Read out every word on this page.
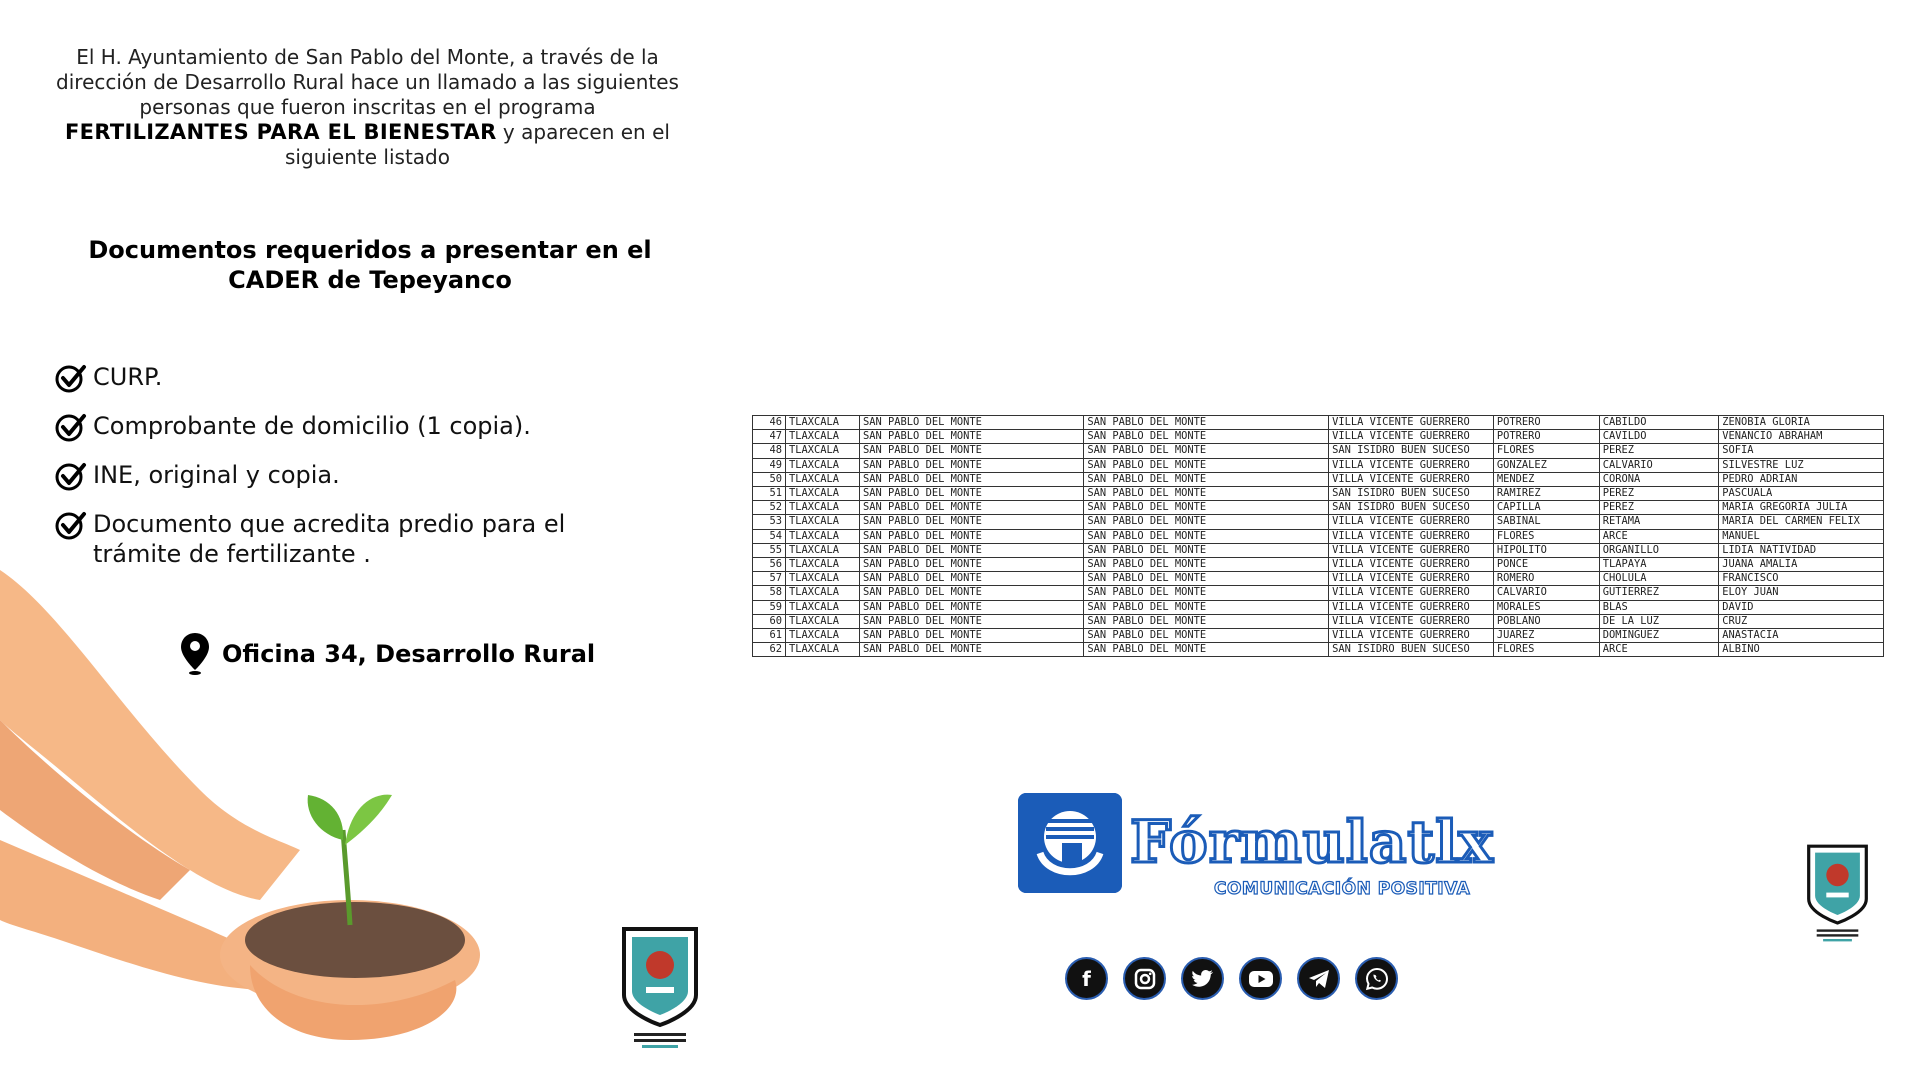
El H. Ayuntamiento de San Pablo del Monte, a través de la
dirección de Desarrollo Rural hace un llamado a las siguientes
personas que fueron inscritas en el programa
FERTILIZANTES PARA EL BIENESTAR y aparecen en el
siguiente listado
Documentos requeridos a presentar en el
CADER de Tepeyanco
CURP.
Comprobante de domicilio (1 copia).
INE, original y copia.
Documento que acredita predio para el trámite de fertilizante .
Oficina 34, Desarrollo Rural
46	TLAXCALA	SAN PABLO DEL MONTE	SAN PABLO DEL MONTE	VILLA VICENTE GUERRERO	POTRERO	CABILDO	ZENOBIA GLORIA
47	TLAXCALA	SAN PABLO DEL MONTE	SAN PABLO DEL MONTE	VILLA VICENTE GUERRERO	POTRERO	CAVILDO	VENANCIO ABRAHAM
48	TLAXCALA	SAN PABLO DEL MONTE	SAN PABLO DEL MONTE	SAN ISIDRO BUEN SUCESO	FLORES	PEREZ	SOFIA
49	TLAXCALA	SAN PABLO DEL MONTE	SAN PABLO DEL MONTE	VILLA VICENTE GUERRERO	GONZALEZ	CALVARIO	SILVESTRE LUZ
50	TLAXCALA	SAN PABLO DEL MONTE	SAN PABLO DEL MONTE	VILLA VICENTE GUERRERO	MENDEZ	CORONA	PEDRO ADRIAN
51	TLAXCALA	SAN PABLO DEL MONTE	SAN PABLO DEL MONTE	SAN ISIDRO BUEN SUCESO	RAMIREZ	PEREZ	PASCUALA
52	TLAXCALA	SAN PABLO DEL MONTE	SAN PABLO DEL MONTE	SAN ISIDRO BUEN SUCESO	CAPILLA	PEREZ	MARIA GREGORIA JULIA
53	TLAXCALA	SAN PABLO DEL MONTE	SAN PABLO DEL MONTE	VILLA VICENTE GUERRERO	SABINAL	RETAMA	MARIA DEL CARMEN FELIX
54	TLAXCALA	SAN PABLO DEL MONTE	SAN PABLO DEL MONTE	VILLA VICENTE GUERRERO	FLORES	ARCE	MANUEL
55	TLAXCALA	SAN PABLO DEL MONTE	SAN PABLO DEL MONTE	VILLA VICENTE GUERRERO	HIPOLITO	ORGANILLO	LIDIA NATIVIDAD
56	TLAXCALA	SAN PABLO DEL MONTE	SAN PABLO DEL MONTE	VILLA VICENTE GUERRERO	PONCE	TLAPAYA	JUANA AMALIA
57	TLAXCALA	SAN PABLO DEL MONTE	SAN PABLO DEL MONTE	VILLA VICENTE GUERRERO	ROMERO	CHOLULA	FRANCISCO
58	TLAXCALA	SAN PABLO DEL MONTE	SAN PABLO DEL MONTE	VILLA VICENTE GUERRERO	CALVARIO	GUTIERREZ	ELOY JUAN
59	TLAXCALA	SAN PABLO DEL MONTE	SAN PABLO DEL MONTE	VILLA VICENTE GUERRERO	MORALES	BLAS	DAVID
60	TLAXCALA	SAN PABLO DEL MONTE	SAN PABLO DEL MONTE	VILLA VICENTE GUERRERO	POBLANO	DE LA LUZ	CRUZ
61	TLAXCALA	SAN PABLO DEL MONTE	SAN PABLO DEL MONTE	VILLA VICENTE GUERRERO	JUAREZ	DOMINGUEZ	ANASTACIA
62	TLAXCALA	SAN PABLO DEL MONTE	SAN PABLO DEL MONTE	SAN ISIDRO BUEN SUCESO	FLORES	ARCE	ALBINO
Fórmulatlx
COMUNICACIÓN POSITIVA
f
